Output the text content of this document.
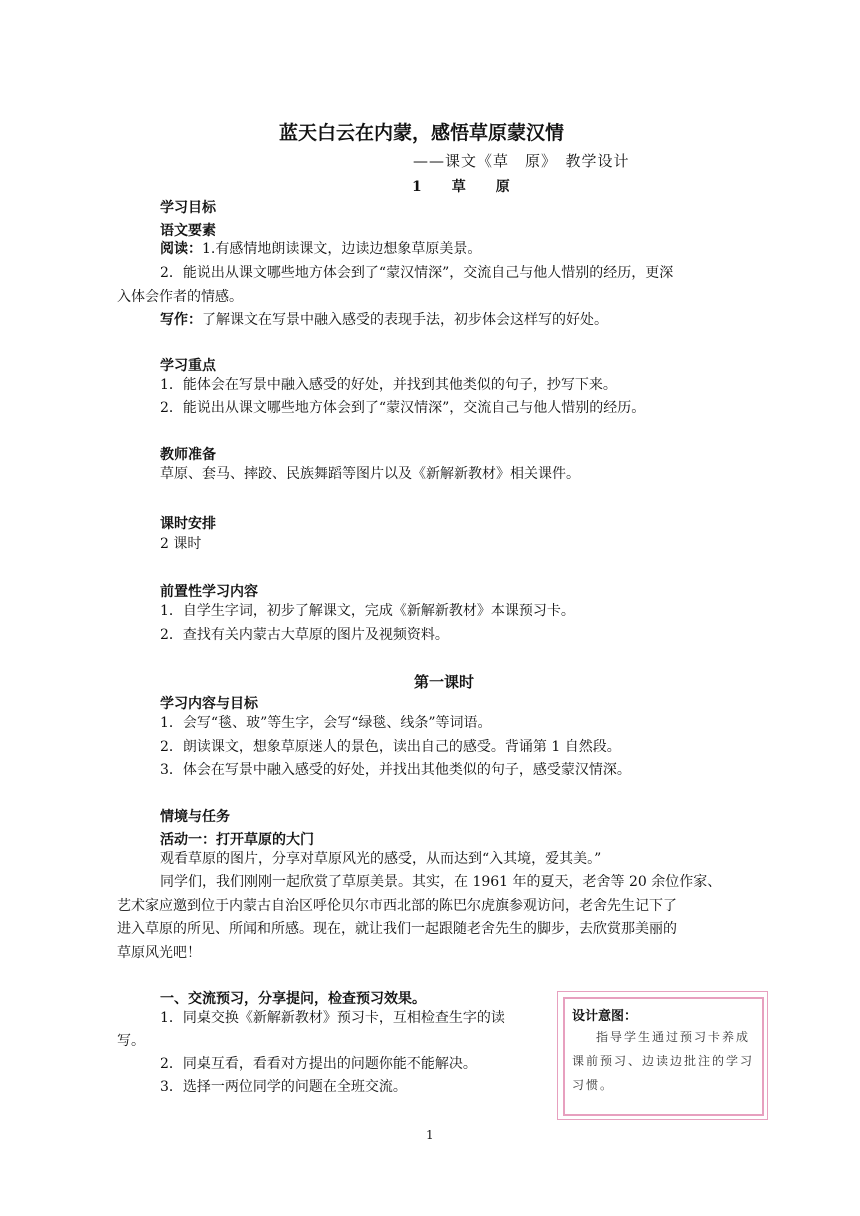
蓝天白云在内蒙，感悟草原蒙汉情
——课文《草　原》　教学设计
1　草　原
学习目标
语文要素
阅读：1.有感情地朗读课文，边读边想象草原美景。
2．能说出从课文哪些地方体会到了“蒙汉情深”，交流自己与他人惜别的经历，更深
入体会作者的情感。
写作：了解课文在写景中融入感受的表现手法，初步体会这样写的好处。
学习重点
1．能体会在写景中融入感受的好处，并找到其他类似的句子，抄写下来。
2．能说出从课文哪些地方体会到了“蒙汉情深”，交流自己与他人惜别的经历。
教师准备
草原、套马、摔跤、民族舞蹈等图片以及《新解新教材》相关课件。
课时安排
2 课时
前置性学习内容
1．自学生字词，初步了解课文，完成《新解新教材》本课预习卡。
2．查找有关内蒙古大草原的图片及视频资料。
第一课时
学习内容与目标
1．会写“毯、玻”等生字，会写“绿毯、线条”等词语。
2．朗读课文，想象草原迷人的景色，读出自己的感受。背诵第 1 自然段。
3．体会在写景中融入感受的好处，并找出其他类似的句子，感受蒙汉情深。
情境与任务
活动一：打开草原的大门
观看草原的图片，分享对草原风光的感受，从而达到“入其境，爱其美。”
同学们，我们刚刚一起欣赏了草原美景。其实，在 1961 年的夏天，老舍等 20 余位作家、
艺术家应邀到位于内蒙古自治区呼伦贝尔市西北部的陈巴尔虎旗参观访问，老舍先生记下了
进入草原的所见、所闻和所感。现在，就让我们一起跟随老舍先生的脚步，去欣赏那美丽的
草原风光吧！
一、交流预习，分享提问，检查预习效果。
1．同桌交换《新解新教材》预习卡，互相检查生字的读
写。
2．同桌互看，看看对方提出的问题你能不能解决。
3．选择一两位同学的问题在全班交流。
设计意图：
指导学生通过预习卡养成课前预习、边读边批注的学习习惯。
1
